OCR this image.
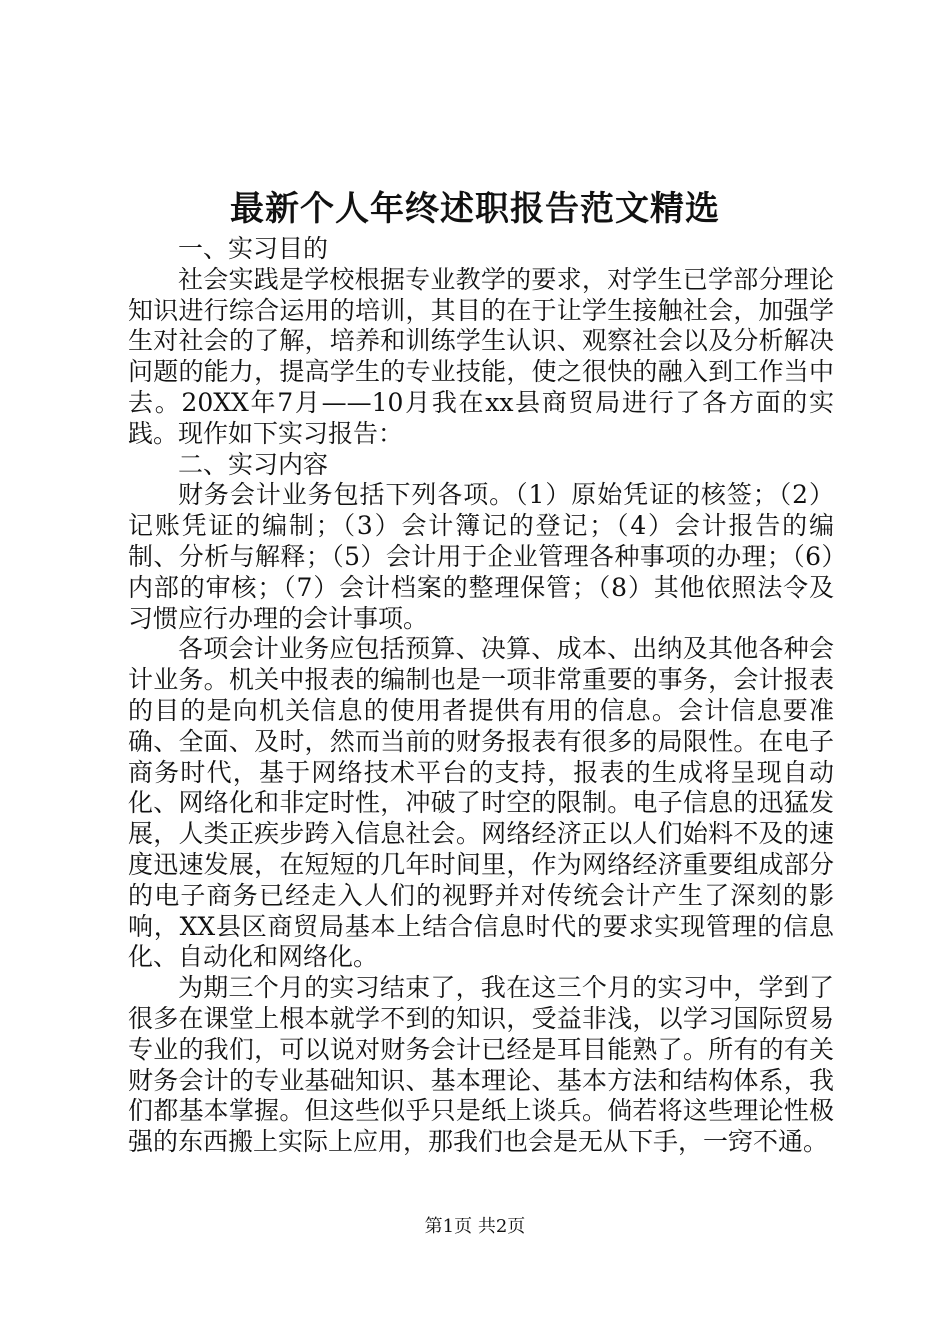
最新个人年终述职报告范文精选

一、实习目的

社会实践是学校根据专业教学的要求，对学生已学部分理论知识进行综合运用的培训，其目的在于让学生接触社会，加强学生对社会的了解，培养和训练学生认识、观察社会以及分析解决问题的能力，提高学生的专业技能，使之很快的融入到工作当中去。20XX年7月——10月我在xx县商贸局进行了各方面的实践。现作如下实习报告：

二、实习内容

财务会计业务包括下列各项。（1）原始凭证的核签；（2）记账凭证的编制；（3）会计簿记的登记；（4）会计报告的编制、分析与解释；（5）会计用于企业管理各种事项的办理；（6）内部的审核；（7）会计档案的整理保管；（8）其他依照法令及习惯应行办理的会计事项。

各项会计业务应包括预算、决算、成本、出纳及其他各种会计业务。机关中报表的编制也是一项非常重要的事务，会计报表的目的是向机关信息的使用者提供有用的信息。会计信息要准确、全面、及时，然而当前的财务报表有很多的局限性。在电子商务时代，基于网络技术平台的支持，报表的生成将呈现自动化、网络化和非定时性，冲破了时空的限制。电子信息的迅猛发展，人类正疾步跨入信息社会。网络经济正以人们始料不及的速度迅速发展，在短短的几年时间里，作为网络经济重要组成部分的电子商务已经走入人们的视野并对传统会计产生了深刻的影响，XX县区商贸局基本上结合信息时代的要求实现管理的信息化、自动化和网络化。

为期三个月的实习结束了，我在这三个月的实习中，学到了很多在课堂上根本就学不到的知识，受益非浅，以学习国际贸易专业的我们，可以说对财务会计已经是耳目能熟了。所有的有关财务会计的专业基础知识、基本理论、基本方法和结构体系，我们都基本掌握。但这些似乎只是纸上谈兵。倘若将这些理论性极强的东西搬上实际上应用，那我们也会是无从下手，一窍不通。

第1页 共2页
